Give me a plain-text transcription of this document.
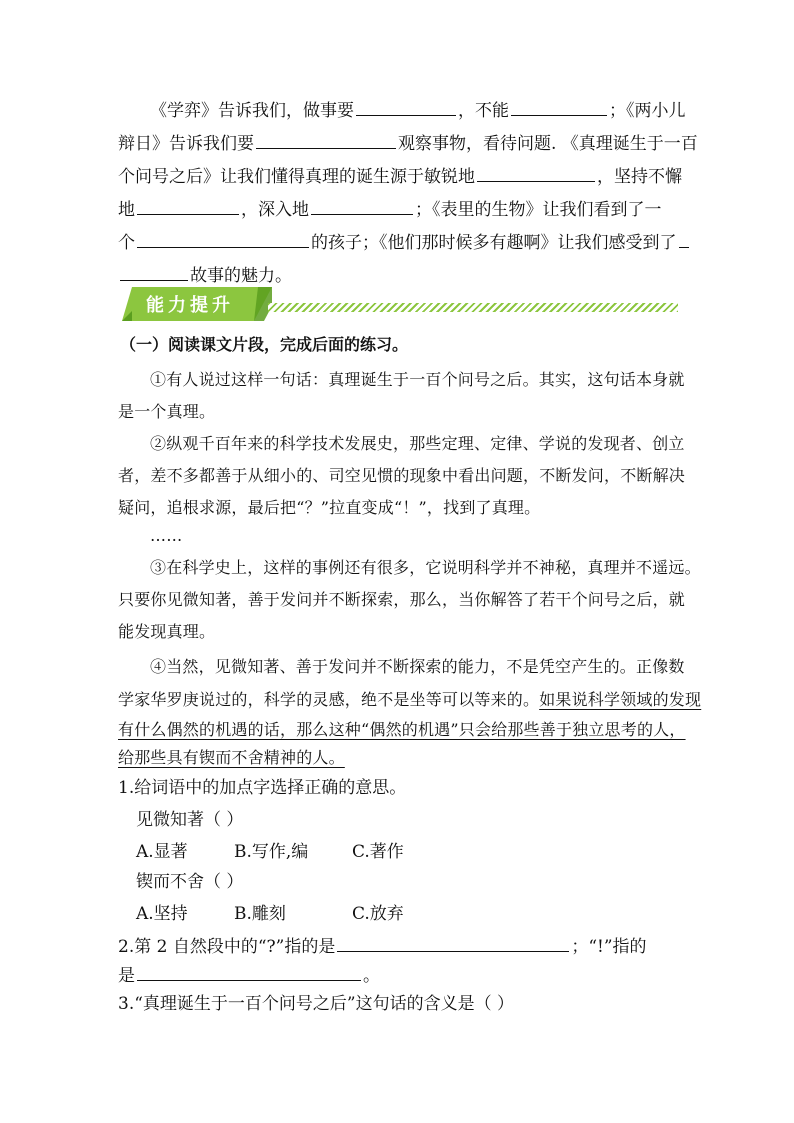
《学弈》告诉我们，做事要	，不能	；《两小儿
辩日》告诉我们要	观察事物，看待问题. 《真理诞生于一百
个问号之后》让我们懂得真理的诞生源于敏锐地	，坚持不懈
地	，深入地	；《表里的生物》让我们看到了一
个	的孩子；《他们那时候多有趣啊》让我们感受到了
故事的魅力。
能力提升
（一）阅读课文片段，完成后面的练习。
①有人说过这样一句话：真理诞生于一百个问号之后。其实，这句话本身就
是一个真理。
②纵观千百年来的科学技术发展史，那些定理、定律、学说的发现者、创立
者，差不多都善于从细小的、司空见惯的现象中看出问题，不断发问，不断解决
疑问，追根求源，最后把“？”拉直变成“！”，找到了真理。
……
③在科学史上，这样的事例还有很多，它说明科学并不神秘，真理并不遥远。
只要你见微知著，善于发问并不断探索，那么，当你解答了若干个问号之后，就
能发现真理。
④当然，见微知著、善于发问并不断探索的能力，不是凭空产生的。正像数
学家华罗庚说过的，科学的灵感，绝不是坐等可以等来的。如果说科学领域的发现
有什么偶然的机遇的话，那么这种“偶然的机遇”只会给那些善于独立思考的人，
给那些具有锲而不舍精神的人。
1.给词语中的加点字选择正确的意思。
见微知著（ ）
A.显著	B.写作,编	C.著作
锲而不舍（ ）
A.坚持	B.雕刻	C.放弃
2.第 2 自然段中的“?”指的是	；“!”指的
是	。
3.“真理诞生于一百个问号之后”这句话的含义是（ ）
